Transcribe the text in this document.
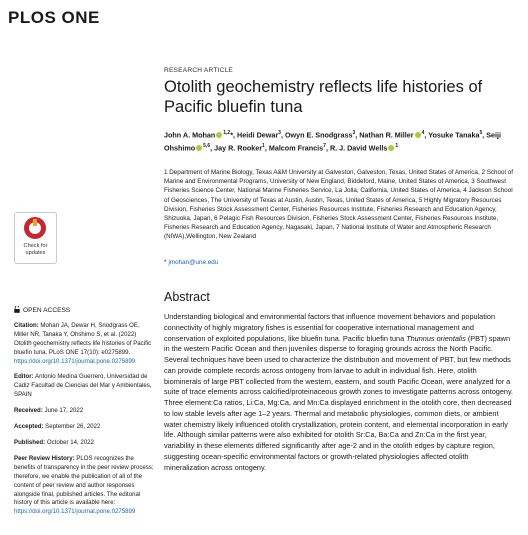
PLOS ONE
RESEARCH ARTICLE
Otolith geochemistry reflects life histories of Pacific bluefin tuna
John A. Mohan $^{1,2}$*, Heidi Dewar$^3$, Owyn E. Snodgrass$^3$, Nathan R. Miller $^4$, Yosuke Tanaka$^5$, Seiji Ohshimo $^{5,6}$, Jay R. Rooker$^1$, Malcom Francis$^7$, R. J. David Wells $^1$
1 Department of Marine Biology, Texas A&M University at Galveston, Galveston, Texas, United States of America, 2 School of Marine and Environmental Programs, University of New England, Biddeford, Maine, United States of America, 3 Southwest Fisheries Science Center, National Marine Fisheries Service, La Jolla, California, United States of America, 4 Jackson School of Geosciences, The University of Texas at Austin, Austin, Texas, United States of America, 5 Highly Migratory Resources Division, Fisheries Stock Assessment Center, Fisheries Resources Institute, Fisheries Research and Education Agency, Shizuoka, Japan, 6 Pelagic Fish Resources Division, Fisheries Stock Assessment Center, Fisheries Resources Institute, Fisheries Research and Education Agency, Nagasaki, Japan, 7 National Institute of Water and Atmospheric Research (NIWA),Wellington, New Zealand
* jmohan@une.edu
Abstract
Understanding biological and environmental factors that influence movement behaviors and population connectivity of highly migratory fishes is essential for cooperative international management and conservation of exploited populations, like bluefin tuna. Pacific bluefin tuna Thunnus orientalis (PBT) spawn in the western Pacific Ocean and then juveniles disperse to foraging grounds across the North Pacific. Several techniques have been used to characterize the distribution and movement of PBT, but few methods can provide complete records across ontogeny from larvae to adult in individual fish. Here, otolith biominerals of large PBT collected from the western, eastern, and south Pacific Ocean, were analyzed for a suite of trace elements across calcified/proteinaceous growth zones to investigate patterns across ontogeny. Three element:Ca ratios, Li:Ca, Mg:Ca, and Mn:Ca displayed enrichment in the otolith core, then decreased to low stable levels after age 1–2 years. Thermal and metabolic physiologies, common diets, or ambient water chemistry likely influenced otolith crystallization, protein content, and elemental incorporation in early life. Although similar patterns were also exhibited for otolith Sr:Ca, Ba:Ca and Zn:Ca in the first year, variability in these elements differed significantly after age-2 and in the otolith edges by capture region, suggesting ocean-specific environmental factors or growth-related physiologies affected otolith mineralization across ontogeny.
Check for
updates
OPEN ACCESS

Citation: Mohan JA, Dewar H, Snodgrass OE, Miller NR, Tanaka Y, Ohshimo S, et al. (2022) Otolith geochemistry reflects life histories of Pacific bluefin tuna. PLoS ONE 17(10): e0275899. https://doi.org/10.1371/journal.pone.0275899

Editor: Antonio Medina Guerrero, Universidad de Cadiz Facultad de Ciencias del Mar y Ambientales, SPAIN

Received: June 17, 2022

Accepted: September 26, 2022

Published: October 14, 2022

Peer Review History: PLOS recognizes the benefits of transparency in the peer review process; therefore, we enable the publication of all of the content of peer review and author responses alongside final, published articles. The editorial history of this article is available here: https://doi.org/10.1371/journal.pone.0275899
